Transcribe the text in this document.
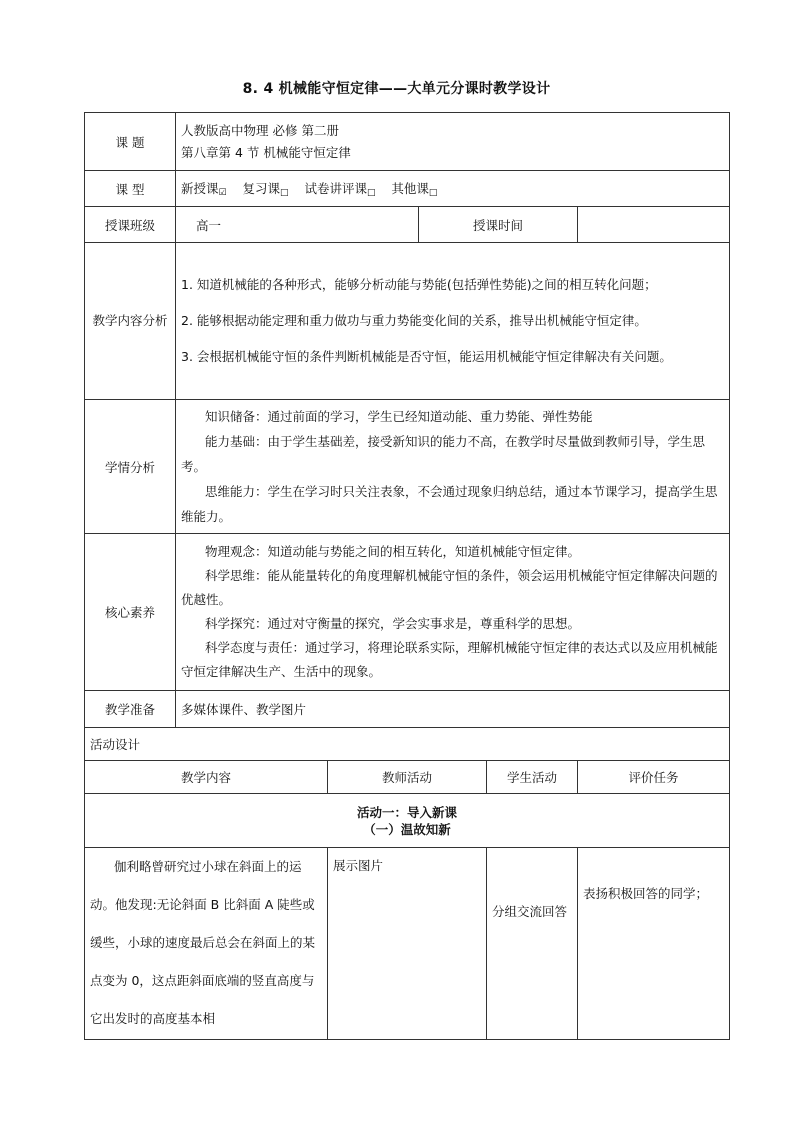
8. 4 机械能守恒定律——大单元分课时教学设计
课 题	人教版高中物理 必修 第二册

第八章第 4 节 机械能守恒定律				

课 型	新授课☑ 复习课□ 试卷讲评课□ 其他课□				
授课班级	高一		授课时间		
教学内容分析	1. 知道机械能的各种形式，能够分析动能与势能(包括弹性势能)之间的相互转化问题；

2. 能够根据动能定理和重力做功与重力势能变化间的关系，推导出机械能守恒定律。

3. 会根据机械能守恒的条件判断机械能是否守恒，能运用机械能守恒定律解决有关问题。				

学情分析	知识储备：通过前面的学习，学生已经知道动能、重力势能、弹性势能

能力基础：由于学生基础差，接受新知识的能力不高，在教学时尽量做到教师引导，学生思考。

思维能力：学生在学习时只关注表象，不会通过现象归纳总结，通过本节课学习，提高学生思维能力。				

核心素养	物理观念：知道动能与势能之间的相互转化，知道机械能守恒定律。

科学思维：能从能量转化的角度理解机械能守恒的条件，领会运用机械能守恒定律解决问题的优越性。

科学探究：通过对守衡量的探究，学会实事求是，尊重科学的思想。

科学态度与责任：通过学习，将理论联系实际，理解机械能守恒定律的表达式以及应用机械能守恒定律解决生产、生活中的现象。				

教学准备	多媒体课件、教学图片				
活动设计					
教学内容		教师活动		学生活动	评价任务

活动一：导入新课

（一）温故知新					

伽利略曾研究过小球在斜面上的运动。他发现:无论斜面 B 比斜面 A 陡些或缓些，小球的速度最后总会在斜面上的某点变为 0，这点距斜面底端的竖直高度与它出发时的高度基本相		展示图片		分组交流回答	表扬积极回答的同学；
